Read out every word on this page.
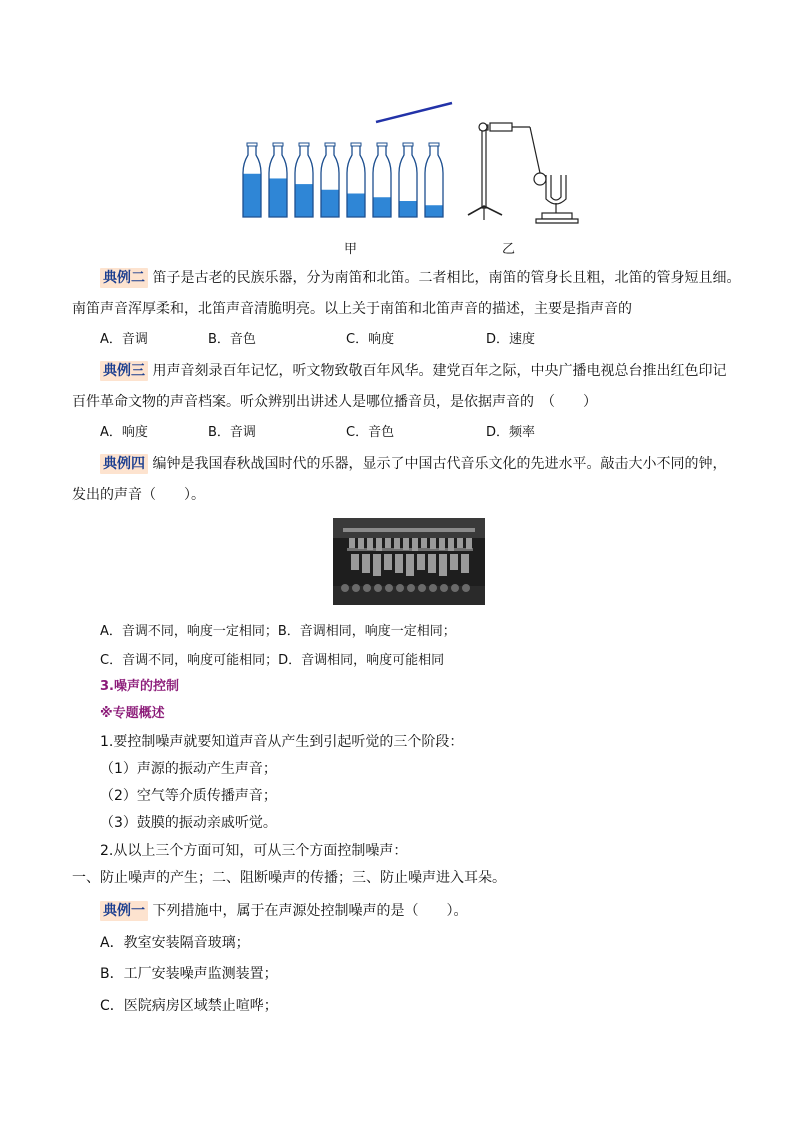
甲	乙
典例二 笛子是古老的民族乐器，分为南笛和北笛。二者相比，南笛的管身长且粗，北笛的管身短且细。
南笛声音浑厚柔和，北笛声音清脆明亮。以上关于南笛和北笛声音的描述，主要是指声音的
A．音调	B．音色	C．响度	D．速度
典例三 用声音刻录百年记忆，听文物致敬百年风华。建党百年之际，中央广播电视总台推出红色印记
百件革命文物的声音档案。听众辨别出讲述人是哪位播音员，是依据声音的　（　　）
A．响度	B．音调	C．音色	D．频率
典例四 编钟是我国春秋战国时代的乐器，显示了中国古代音乐文化的先进水平。敲击大小不同的钟，
发出的声音（　　）。
A．音调不同，响度一定相同；B．音调相同，响度一定相同；
C．音调不同，响度可能相同；D．音调相同，响度可能相同
3.噪声的控制
※专题概述
1.要控制噪声就要知道声音从产生到引起听觉的三个阶段：
（1）声源的振动产生声音；
（2）空气等介质传播声音；
（3）鼓膜的振动亲戚听觉。
2.从以上三个方面可知，可从三个方面控制噪声：
一、防止噪声的产生；二、阻断噪声的传播；三、防止噪声进入耳朵。
典例一 下列措施中，属于在声源处控制噪声的是（　　）。
A．教室安装隔音玻璃；
B．工厂安装噪声监测装置；
C．医院病房区域禁止喧哗；
